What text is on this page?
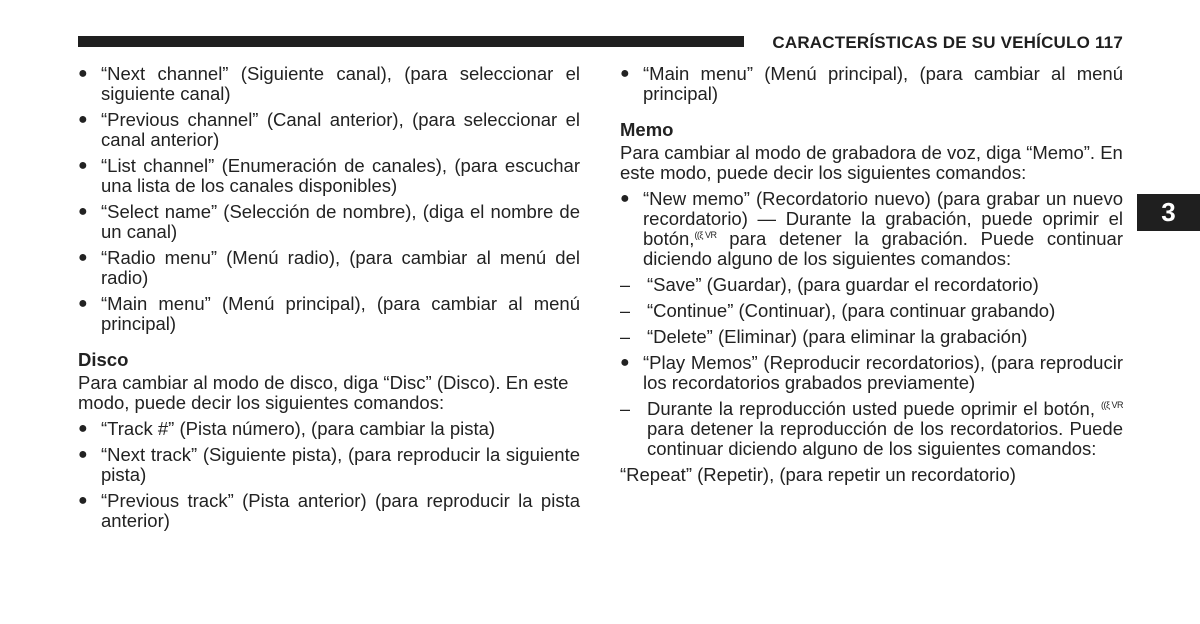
CARACTERÍSTICAS DE SU VEHÍCULO 117
3
● “Next channel” (Siguiente canal), (para seleccionar el siguiente canal)
● “Previous channel” (Canal anterior), (para seleccionar el canal anterior)
● “List channel” (Enumeración de canales), (para escuchar una lista de los canales disponibles)
● “Select name” (Selección de nombre), (diga el nombre de un canal)
● “Radio menu” (Menú radio), (para cambiar al menú del radio)
● “Main menu” (Menú principal), (para cambiar al menú principal)
Disco
Para cambiar al modo de disco, diga “Disc” (Disco). En este modo, puede decir los siguientes comandos:
● “Track #” (Pista número), (para cambiar la pista)
● “Next track” (Siguiente pista), (para reproducir la siguiente pista)
● “Previous track” (Pista anterior) (para reproducir la pista anterior)
● “Main menu” (Menú principal), (para cambiar al menú principal)
Memo
Para cambiar al modo de grabadora de voz, diga “Memo”. En este modo, puede decir los siguientes comandos:
● “New memo” (Recordatorio nuevo) (para grabar un nuevo recordatorio) — Durante la grabación, puede oprimir el botón,((ξ VR para detener la grabación. Puede continuar diciendo alguno de los siguientes comandos:
– “Save” (Guardar), (para guardar el recordatorio)
– “Continue” (Continuar), (para continuar grabando)
– “Delete” (Eliminar) (para eliminar la grabación)
● “Play Memos” (Reproducir recordatorios), (para reproducir los recordatorios grabados previamente)
– Durante la reproducción usted puede oprimir el botón, ((ξ VR para detener la reproducción de los recordatorios. Puede continuar diciendo alguno de los siguientes comandos:
“Repeat” (Repetir), (para repetir un recordatorio)
